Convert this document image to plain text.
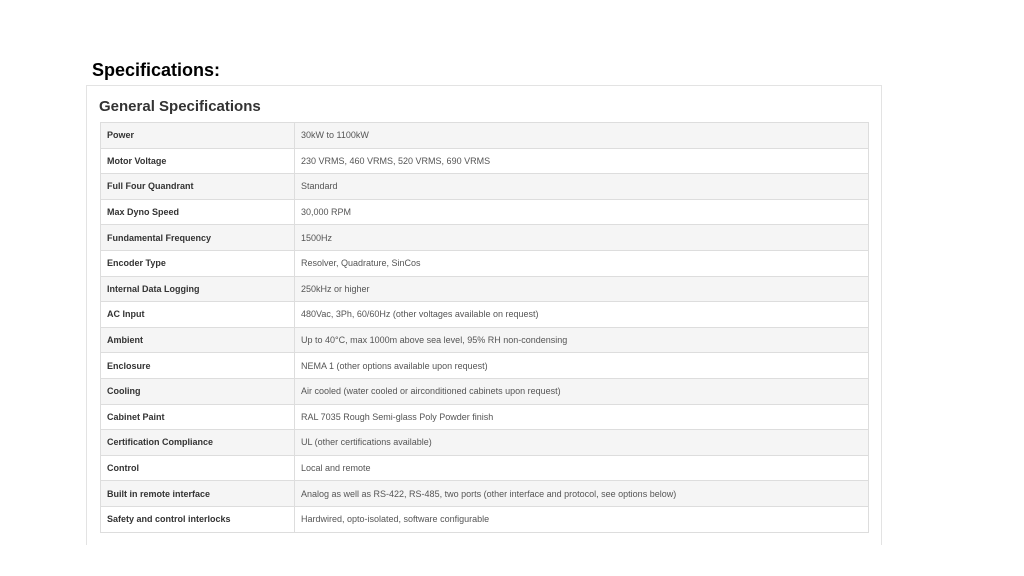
Specifications:
General Specifications
Power	30kW to 1100kW
Motor Voltage	230 VRMS, 460 VRMS, 520 VRMS, 690 VRMS
Full Four Quandrant	Standard
Max Dyno Speed	30,000 RPM
Fundamental Frequency	1500Hz
Encoder Type	Resolver, Quadrature, SinCos
Internal Data Logging	250kHz or higher
AC Input	480Vac, 3Ph, 60/60Hz (other voltages available on request)
Ambient	Up to 40°C, max 1000m above sea level, 95% RH non-condensing
Enclosure	NEMA 1 (other options available upon request)
Cooling	Air cooled (water cooled or airconditioned cabinets upon request)
Cabinet Paint	RAL 7035 Rough Semi-glass Poly Powder finish
Certification Compliance	UL (other certifications available)
Control	Local and remote
Built in remote interface	Analog as well as RS-422, RS-485, two ports (other interface and protocol, see options below)
Safety and control interlocks	Hardwired, opto-isolated, software configurable
